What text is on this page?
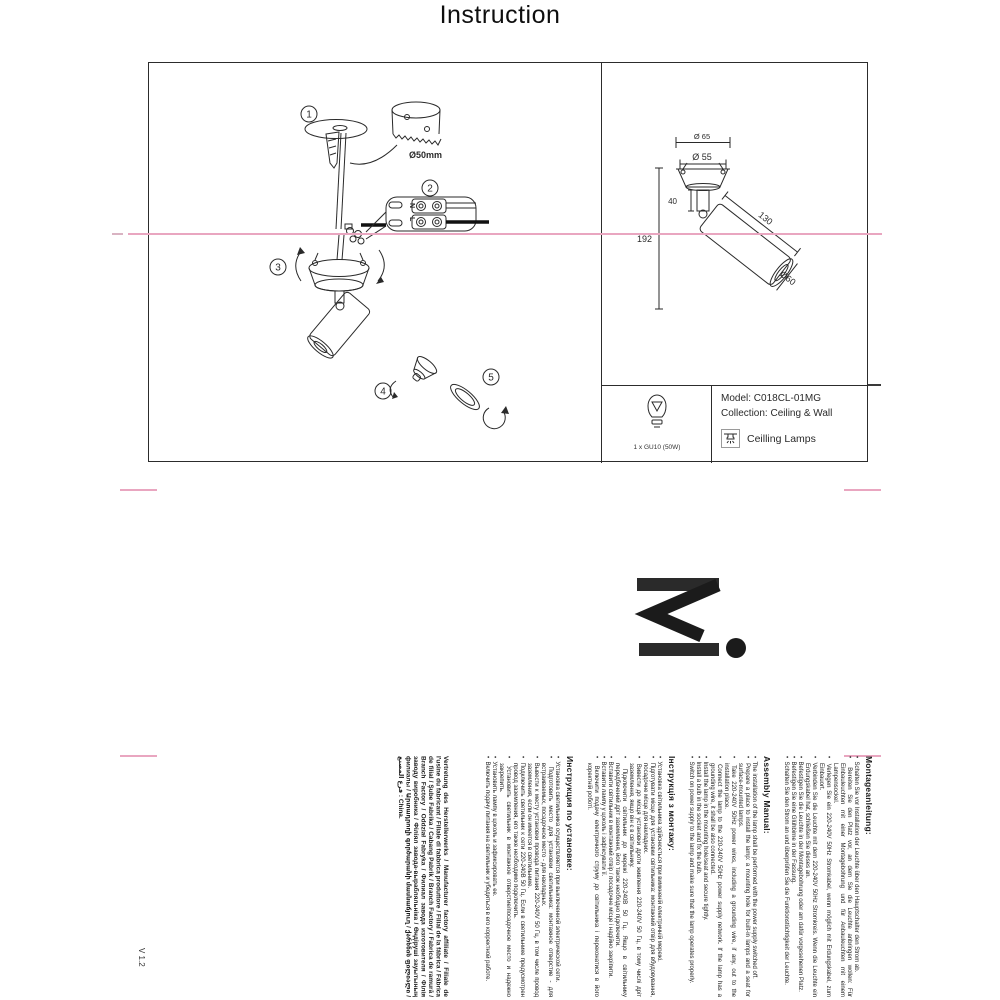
Instruction
1
Ø50mm
2
N
L
3
4
5
Ø 65
Ø 55
40
130
Ø60
192
1 x GU10 (50W)
Model: C018CL-01MG
Collection: Ceiling & Wall
Ceilling Lamps
Montageanleitung:
•  Schalten Sie vor Installation der Leuchte über den Hauptschalter den Strom ab.
•  Bereiten Sie den Platz vor, an dem Sie die Leuchte anbringen wollen: Für Einbauleuchten mit einer Montagebohrung und für Anbauleuchten mit einem Lampensockel.
•  Verlegen Sie ein 220-240V 50Hz Stromkabel, wenn möglich mit Erdungskabel, zum Einbauort.
•  Verbinden Sie die Leuchte mit dem 220-240V 50Hz Stromkreis. Wenn die Leuchte ein Erdungskabel hat, schließen Sie dieses an.
•  Befestigen Sie die Leuchte in der Montagebohrung oder am dafür vorgesehenen Platz.
•  Befestigen Sie eine Glühbirne in der Fassung.
•  Schalten Sie den Strom an und überprüfen Sie die Funktionstüchtigkeit der Leuchte.
Assembly Manual:
•  The installation of the lamp shall be performed with the power supply switched off.
•  Prepare a place to install the lamp: a mounting hole for built-in lamps and a seat for surface-mounted lamps.
•  Take 220-240V 50Hz power wires, including a grounding wire, if any, out to the installation place.
•  Connect the lamp to the 220-240V 50Hz power supply network. If the lamp has a grounding wire, it shall be also connected.
•  Install the lamp in the mounting hole/seat and secure tightly.
•  Install a bulb in the socket and fix the bulb.
•  Switch on power supply to the lamp and make sure that the lamp operates properly.
Інструкція з монтажу:
•  Установка світильника здійснюється при вимкненій електричній мережі.
•  Підготувати місце для установки світильника: монтажний отвір для вбудовування, посадочне місце для накладних.
•  Вивести до місця установки дроти живлення 220-240V 50 Гц, в тому числі дріт заземлення, якщо він є в світильнику.
•  Підключити світильник до мережі 220-240В 50 Гц. Якщо в світильнику передбачений дріт заземлення, його також необхідно підключити.
•  Вставити світильник в монтажний отвір / посадочне місце і надійно закріпити.
•  Вставити лампу у цоколь і зафіксувати її.
•  Включити подачу електричного струму до світильника і переконатися в його коректній роботі.
Инструкция по установке:
•  Установка светильника осуществляется при выключенной электрической сети.
•  Подготовить место для установки светильника: монтажное отверстие - для встраиваемых, посадочное место - для накладных.
•  Вывести к месту установки провода питания 220-240V 50 Гц, в том числе провод заземления, если он имеется в светильнике.
•  Подключить светильник к сети 220-240В 50 Гц. Если в светильнике предусмотрен провод заземления, его также необходимо подключить.
•  Установить светильник в монтажное отверстие/посадочное место и надежно закрепить.
•  Установить лампу в цоколь и зафиксировать ее.
•  Включить подачу питания на светильник и убедиться в его корректной работе.

Vertretung des Herstellerwerks / Manufacturer factory affiliate / Filiale de l'usine du fabricant / Filiale di fabbrica produttore / Filial de la fábrica / Fábrica de filial / Şube Fabrika / Cabang Pabrik / Branch Factory / Fabrica de ramură / Branch Factory / Oddział Fabryka / Филиал завода изготовителя / Філія заводу виробника / Філіял завода-вырабляльніка / Өндіруші зауытының филиалы / Արտադրողի գործարանի մասնաճյուղ / ქარხნის ფილიალი / فرع المصنع : China.

V 1.2
